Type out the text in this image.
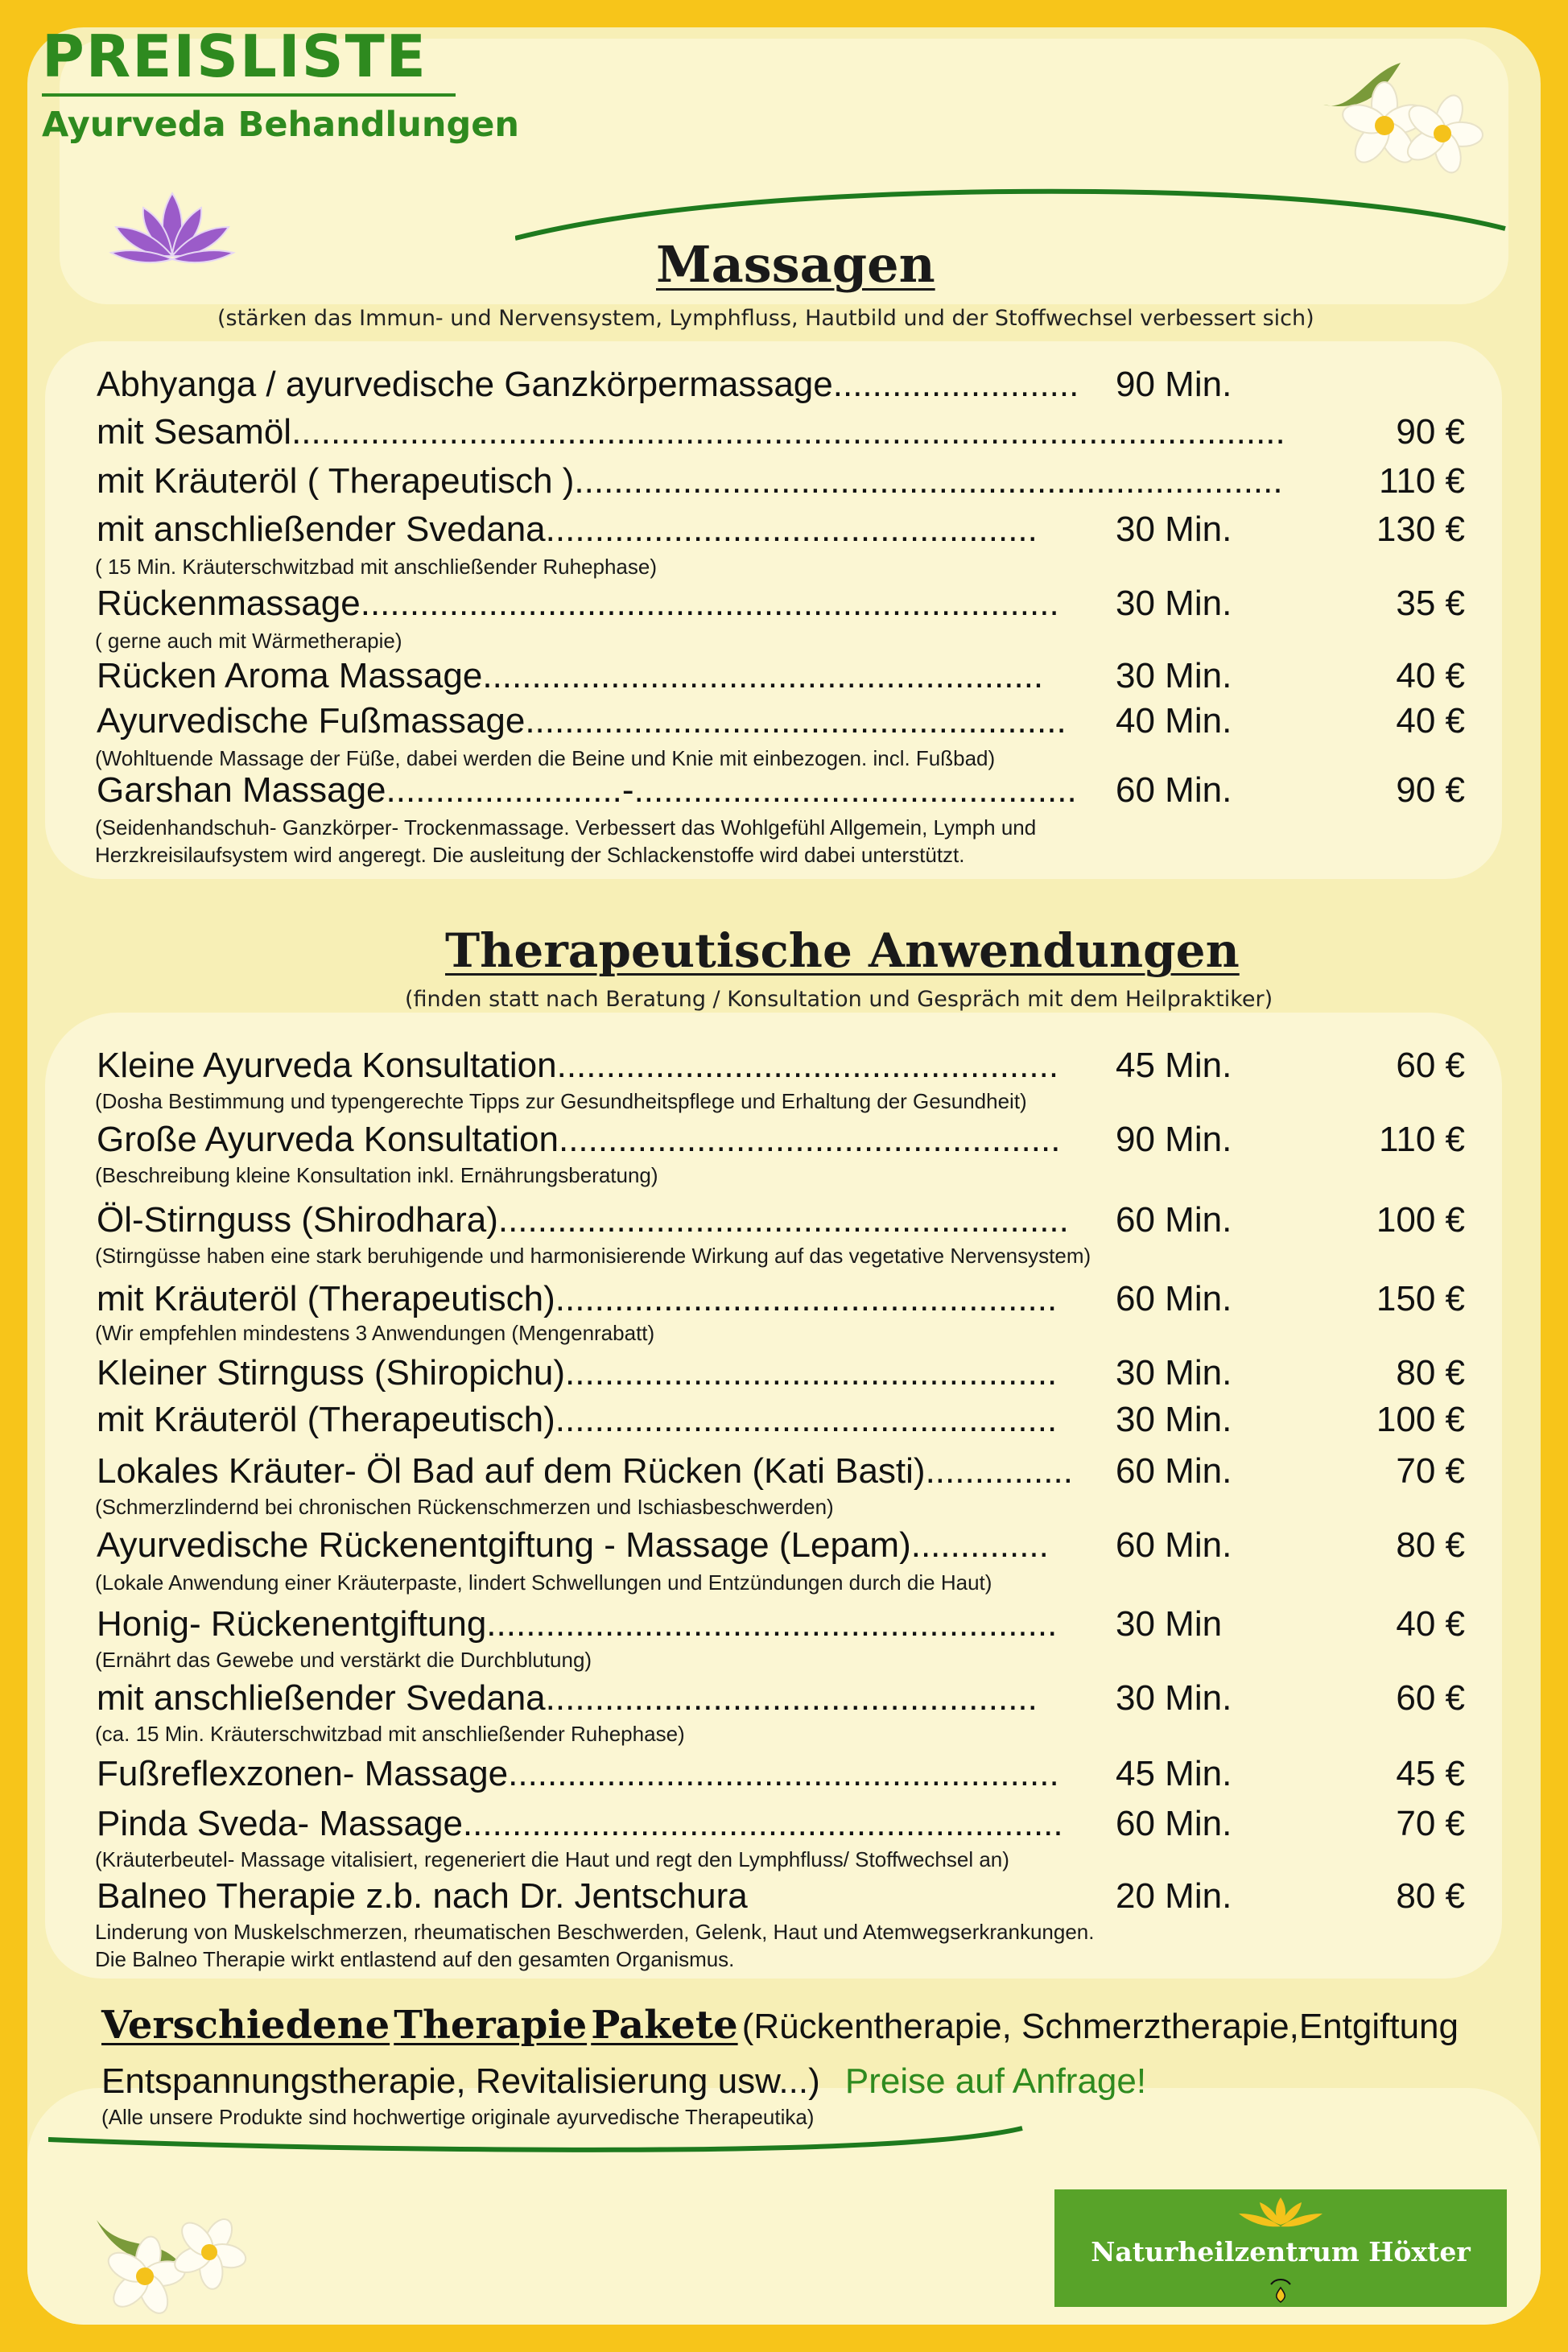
PREISLISTE
Ayurveda Behandlungen
Massagen

(stärken das Immun- und Nervensystem, Lymphfluss, Hautbild und der Stoffwechsel verbessert sich)

Abhyanga / ayurvedische Ganzkörpermassage......................... 90 Min.
mit Sesamöl.....................................................................................................	90 €
mit Kräuteröl ( Therapeutisch )........................................................................	110 €
mit anschließender Svedana.................................................. 30 Min.	130 €
( 15 Min. Kräuterschwitzbad mit anschließender Ruhephase)
Rückenmassage....................................................................... 30 Min.	35 €
( gerne auch mit Wärmetherapie)
Rücken Aroma Massage......................................................... 30 Min.	40 €
Ayurvedische Fußmassage....................................................... 40 Min.	40 €
(Wohltuende Massage der Füße, dabei werden die Beine und Knie mit einbezogen. incl. Fußbad)
Garshan Massage........................-............................................. 60 Min.	90 €
(Seidenhandschuh- Ganzkörper- Trockenmassage. Verbessert das Wohlgefühl Allgemein, Lymph und
Herzkreisilaufsystem wird angeregt. Die ausleitung der Schlackenstoffe wird dabei unterstützt.
Therapeutische Anwendungen

(finden statt nach Beratung / Konsultation und Gespräch mit dem Heilpraktiker)

Kleine Ayurveda Konsultation................................................... 45 Min.	60 €
(Dosha Bestimmung und typengerechte Tipps zur Gesundheitspflege und Erhaltung der Gesundheit)
Große Ayurveda Konsultation................................................... 90 Min.	110 €
(Beschreibung kleine Konsultation inkl. Ernährungsberatung)
Öl-Stirnguss (Shirodhara).......................................................... 60 Min.	100 €
(Stirngüsse haben eine stark beruhigende und harmonisierende Wirkung auf das vegetative Nervensystem)
mit Kräuteröl (Therapeutisch)................................................... 60 Min.	150 €
(Wir empfehlen mindestens 3 Anwendungen (Mengenrabatt)
Kleiner Stirnguss (Shiropichu).................................................. 30 Min.	80 €
mit Kräuteröl (Therapeutisch)................................................... 30 Min.	100 €
Lokales Kräuter- Öl Bad auf dem Rücken (Kati Basti)............... 60 Min.	70 €
(Schmerzlindernd bei chronischen Rückenschmerzen und Ischiasbeschwerden)
Ayurvedische Rückenentgiftung - Massage (Lepam).............. 60 Min.	80 €
(Lokale Anwendung einer Kräuterpaste, lindert Schwellungen und Entzündungen durch die Haut)
Honig- Rückenentgiftung.......................................................... 30 Min	40 €
(Ernährt das Gewebe und verstärkt die Durchblutung)
mit anschließender Svedana.................................................. 30 Min.	60 €
(ca. 15 Min. Kräuterschwitzbad mit anschließender Ruhephase)
Fußreflexzonen- Massage........................................................ 45 Min.	45 €
Pinda Sveda- Massage............................................................. 60 Min.	70 €
(Kräuterbeutel- Massage vitalisiert, regeneriert die Haut und regt den Lymphfluss/ Stoffwechsel an)
Balneo Therapie z.b. nach Dr. Jentschura	20 Min.	80 €
Linderung von Muskelschmerzen, rheumatischen Beschwerden, Gelenk, Haut und Atemwegserkrankungen.
Die Balneo Therapie wirkt entlastend auf den gesamten Organismus.
Verschiedene Therapie Pakete (Rückentherapie, Schmerztherapie,Entgiftung
Entspannungstherapie, Revitalisierung usw...) Preise auf Anfrage!
(Alle unsere Produkte sind hochwertige originale ayurvedische Therapeutika)
Naturheilzentrum Höxter
